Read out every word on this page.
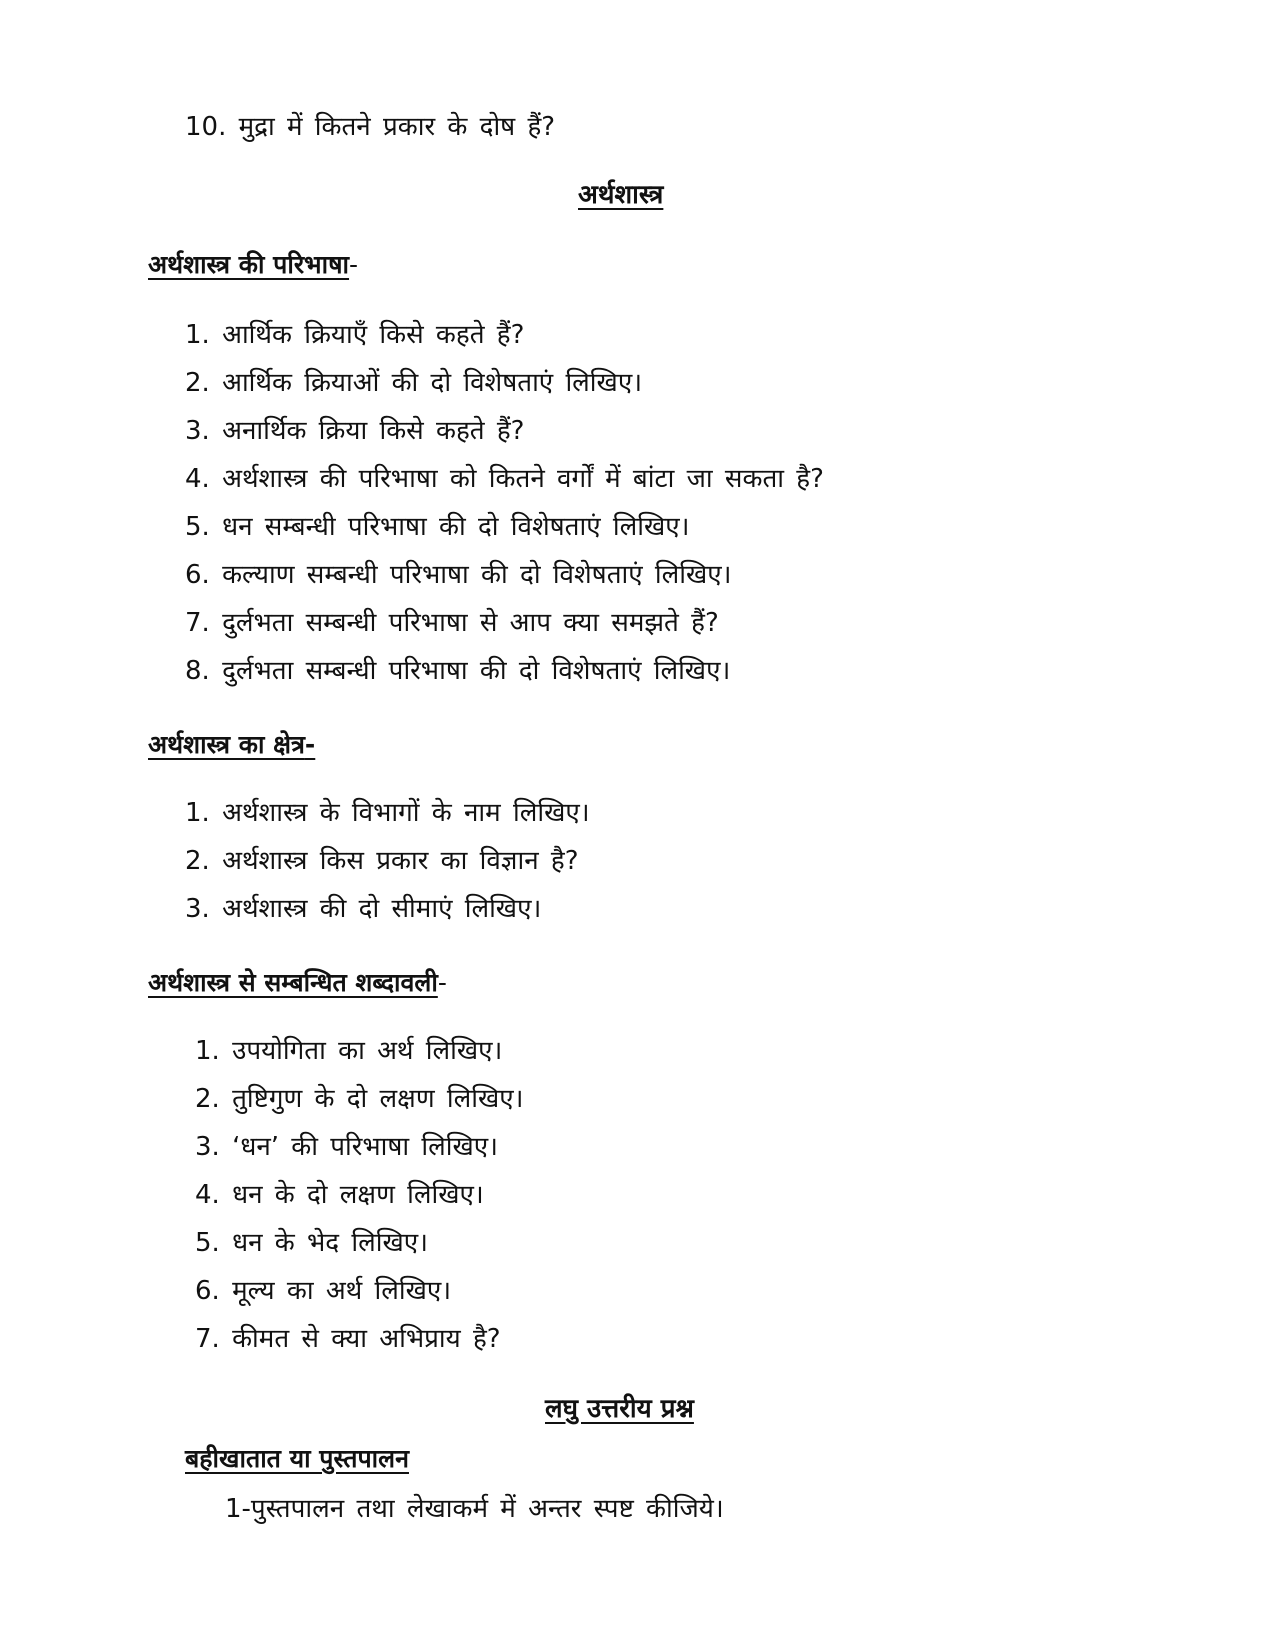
10. मुद्रा में कितने प्रकार के दोष हैं?
अर्थशास्त्र
अर्थशास्त्र की परिभाषा-
1. आर्थिक क्रियाएँ किसे कहते हैं?
2. आर्थिक क्रियाओं की दो विशेषताएं लिखिए।
3. अनार्थिक क्रिया किसे कहते हैं?
4. अर्थशास्त्र की परिभाषा को कितने वर्गों में बांटा जा सकता है?
5. धन सम्बन्धी परिभाषा की दो विशेषताएं लिखिए।
6. कल्याण सम्बन्धी परिभाषा की दो विशेषताएं लिखिए।
7. दुर्लभता सम्बन्धी परिभाषा से आप क्या समझते हैं?
8. दुर्लभता सम्बन्धी परिभाषा की दो विशेषताएं लिखिए।
अर्थशास्त्र का क्षेत्र-
1. अर्थशास्त्र के विभागों के नाम लिखिए।
2. अर्थशास्त्र किस प्रकार का विज्ञान है?
3. अर्थशास्त्र की दो सीमाएं लिखिए।
अर्थशास्त्र से सम्बन्धित शब्दावली-
1. उपयोगिता का अर्थ लिखिए।
2. तुष्टिगुण के दो लक्षण लिखिए।
3. ‘धन’ की परिभाषा लिखिए।
4. धन के दो लक्षण लिखिए।
5. धन के भेद लिखिए।
6. मूल्य का अर्थ लिखिए।
7. कीमत से क्या अभिप्राय है?
लघु उत्तरीय प्रश्न
बहीखातात या पुस्तपालन
1-पुस्तपालन तथा लेखाकर्म में अन्तर स्पष्ट कीजिये।
